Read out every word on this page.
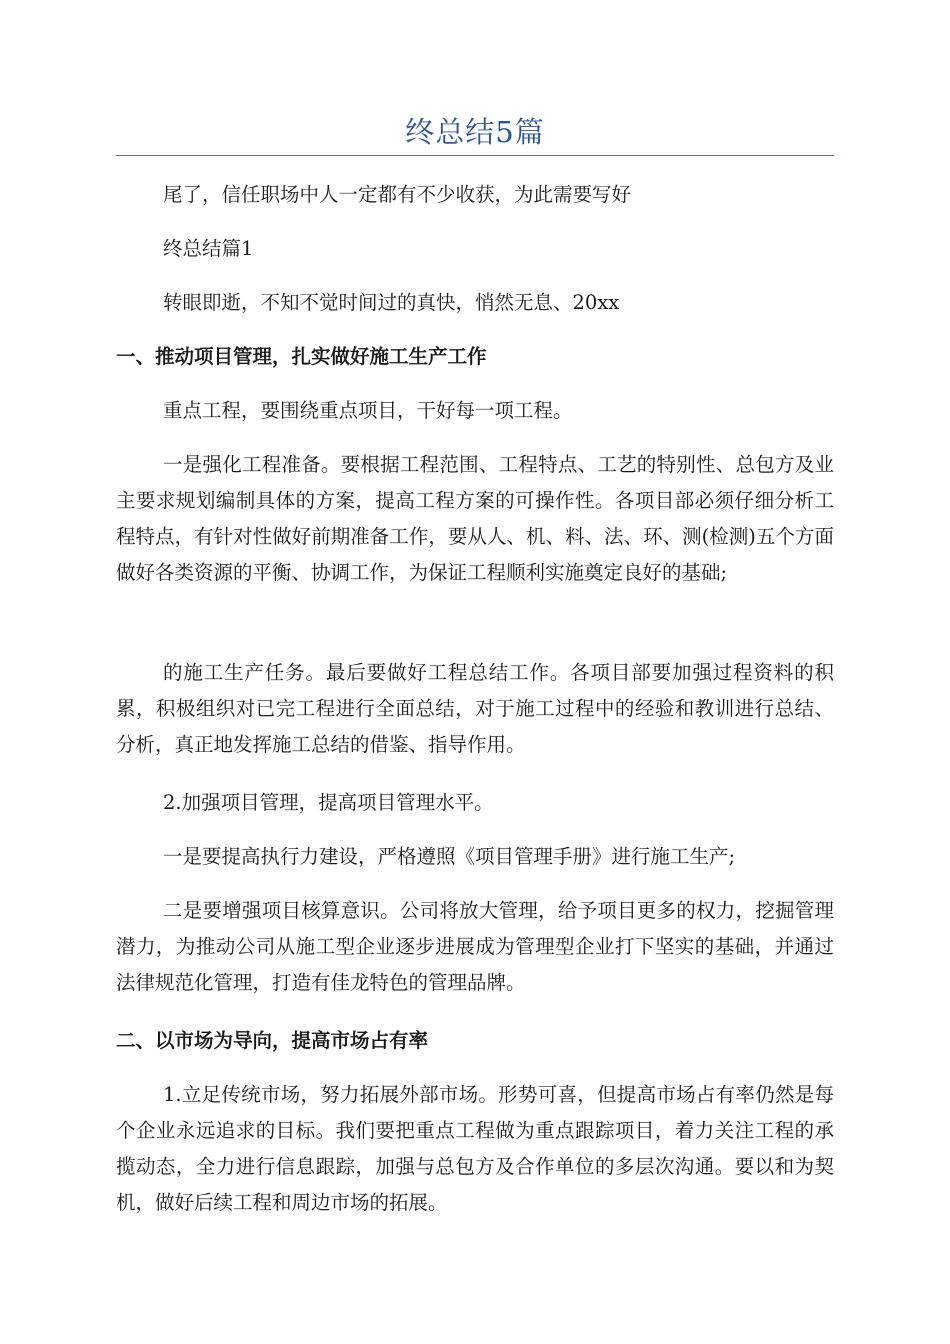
终总结5篇

尾了，信任职场中人一定都有不少收获，为此需要写好

终总结篇1

转眼即逝，不知不觉时间过的真快，悄然无息、20xx

一、推动项目管理，扎实做好施工生产工作

重点工程，要围绕重点项目，干好每一项工程。

一是强化工程准备。要根据工程范围、工程特点、工艺的特别性、总包方及业主要求规划编制具体的方案，提高工程方案的可操作性。各项目部必须仔细分析工程特点，有针对性做好前期准备工作，要从人、机、料、法、环、测(检测)五个方面做好各类资源的平衡、协调工作，为保证工程顺利实施奠定良好的基础;

的施工生产任务。最后要做好工程总结工作。各项目部要加强过程资料的积累，积极组织对已完工程进行全面总结，对于施工过程中的经验和教训进行总结、分析，真正地发挥施工总结的借鉴、指导作用。

2.加强项目管理，提高项目管理水平。

一是要提高执行力建设，严格遵照《项目管理手册》进行施工生产;

二是要增强项目核算意识。公司将放大管理，给予项目更多的权力，挖掘管理潜力，为推动公司从施工型企业逐步进展成为管理型企业打下坚实的基础，并通过法律规范化管理，打造有佳龙特色的管理品牌。

二、以市场为导向，提高市场占有率

1.立足传统市场，努力拓展外部市场。形势可喜，但提高市场占有率仍然是每个企业永远追求的目标。我们要把重点工程做为重点跟踪项目，着力关注工程的承揽动态，全力进行信息跟踪，加强与总包方及合作单位的多层次沟通。要以和为契机，做好后续工程和周边市场的拓展。
